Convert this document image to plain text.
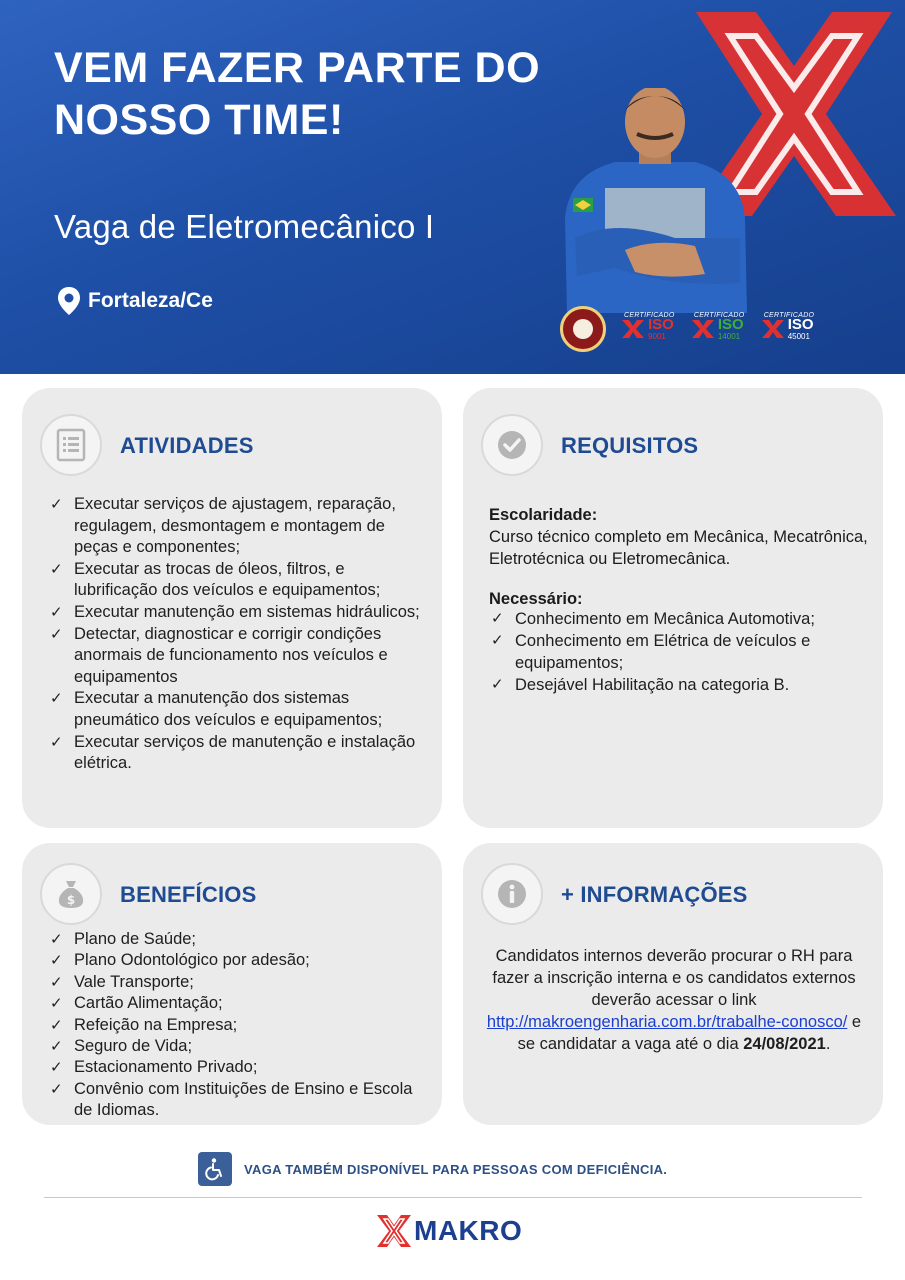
VEM FAZER PARTE DO
NOSSO TIME!
Vaga de Eletromecânico I
Fortaleza/Ce
CERTIFICADO
ISO
9001
CERTIFICADO
ISO
14001
CERTIFICADO
ISO
45001
ATIVIDADES
✓ Executar serviços de ajustagem, reparação, regulagem, desmontagem e montagem de peças e componentes;
✓ Executar as trocas de óleos, filtros, e lubrificação dos veículos e equipamentos;
✓ Executar manutenção em sistemas hidráulicos;
✓ Detectar, diagnosticar e corrigir condições anormais de funcionamento nos veículos e equipamentos
✓ Executar a manutenção dos sistemas pneumático dos veículos e equipamentos;
✓ Executar serviços de manutenção e instalação elétrica.
REQUISITOS
Escolaridade:
Curso técnico completo em Mecânica, Mecatrônica, Eletrotécnica ou Eletromecânica.
Necessário:
✓ Conhecimento em Mecânica Automotiva;
✓ Conhecimento em Elétrica de veículos e equipamentos;
✓ Desejável Habilitação na categoria B.
$ BENEFÍCIOS
✓ Plano de Saúde;
✓ Plano Odontológico por adesão;
✓ Vale Transporte;
✓ Cartão Alimentação;
✓ Refeição na Empresa;
✓ Seguro de Vida;
✓ Estacionamento Privado;
✓ Convênio com Instituições de Ensino e Escola de Idiomas.
+ INFORMAÇÕES
Candidatos internos deverão procurar o RH para fazer a inscrição interna e os candidatos externos deverão acessar o link http://makroengenharia.com.br/trabalhe-conosco/ e se candidatar a vaga até o dia 24/08/2021.
VAGA TAMBÉM DISPONÍVEL PARA PESSOAS COM DEFICIÊNCIA.
MAKRO
